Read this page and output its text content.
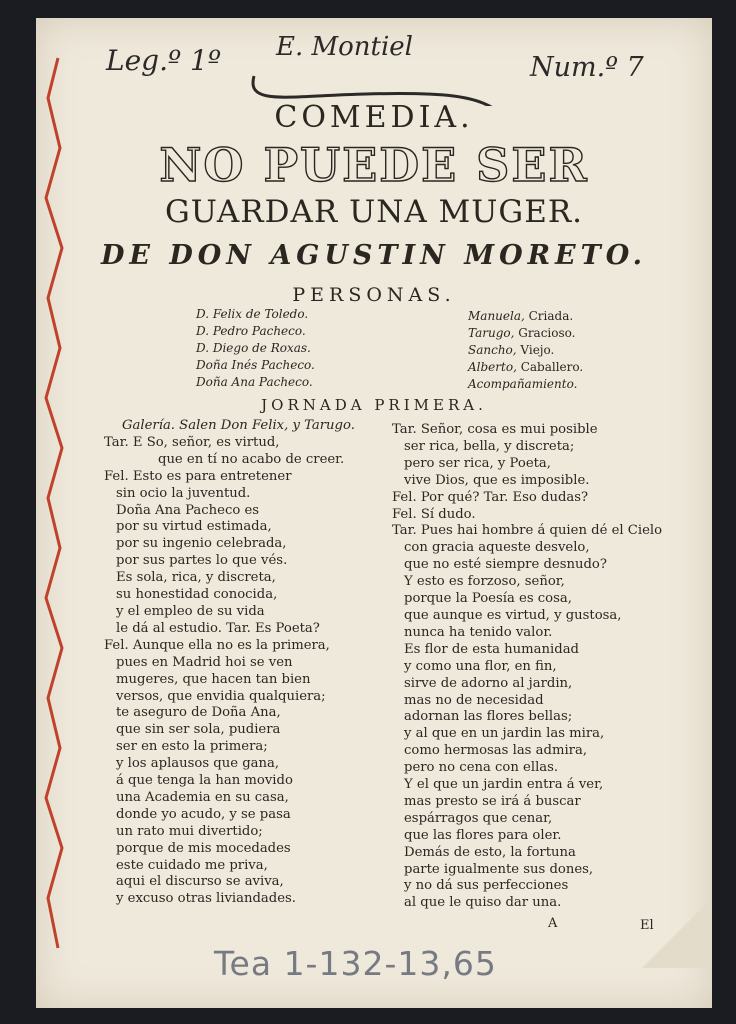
Leg.º 1º E. Montiel
Num.º 7
COMEDIA.
NO PUEDE SER
GUARDAR UNA MUGER.
DE DON AGUSTIN MORETO.
PERSONAS.
D. Felix de Toledo.
D. Pedro Pacheco.
D. Diego de Roxas.
Doña Inés Pacheco.
Doña Ana Pacheco.
Manuela, Criada.
Tarugo, Gracioso.
Sancho, Viejo.
Alberto, Caballero.
Acompañamiento.
JORNADA PRIMERA.
Galería. Salen Don Felix, y Tarugo.
Tar. E So, señor, es virtud,
que en tí no acabo de creer.
Fel. Esto es para entretener
sin ocio la juventud.
Doña Ana Pacheco es
por su virtud estimada,
por su ingenio celebrada,
por sus partes lo que vés.
Es sola, rica, y discreta,
su honestidad conocida,
y el empleo de su vida
le dá al estudio. Tar. Es Poeta?
Fel. Aunque ella no es la primera,
pues en Madrid hoi se ven
mugeres, que hacen tan bien
versos, que envidia qualquiera;
te aseguro de Doña Ana,
que sin ser sola, pudiera
ser en esto la primera;
y los aplausos que gana,
á que tenga la han movido
una Academia en su casa,
donde yo acudo, y se pasa
un rato mui divertido;
porque de mis mocedades
este cuidado me priva,
aqui el discurso se aviva,
y excuso otras liviandades.
Tar. Señor, cosa es mui posible
ser rica, bella, y discreta;
pero ser rica, y Poeta,
vive Dios, que es imposible.
Fel. Por qué? Tar. Eso dudas?
Fel. Sí dudo.
Tar. Pues hai hombre á quien dé el Cielo
con gracia aqueste desvelo,
que no esté siempre desnudo?
Y esto es forzoso, señor,
porque la Poesía es cosa,
que aunque es virtud, y gustosa,
nunca ha tenido valor.
Es flor de esta humanidad
y como una flor, en fin,
sirve de adorno al jardin,
mas no de necesidad
adornan las flores bellas;
y al que en un jardin las mira,
como hermosas las admira,
pero no cena con ellas.
Y el que un jardin entra á ver,
mas presto se irá á buscar
espárragos que cenar,
que las flores para oler.
Demás de esto, la fortuna
parte igualmente sus dones,
y no dá sus perfecciones
al que le quiso dar una.
A	El
Tea 1-132-13,65
